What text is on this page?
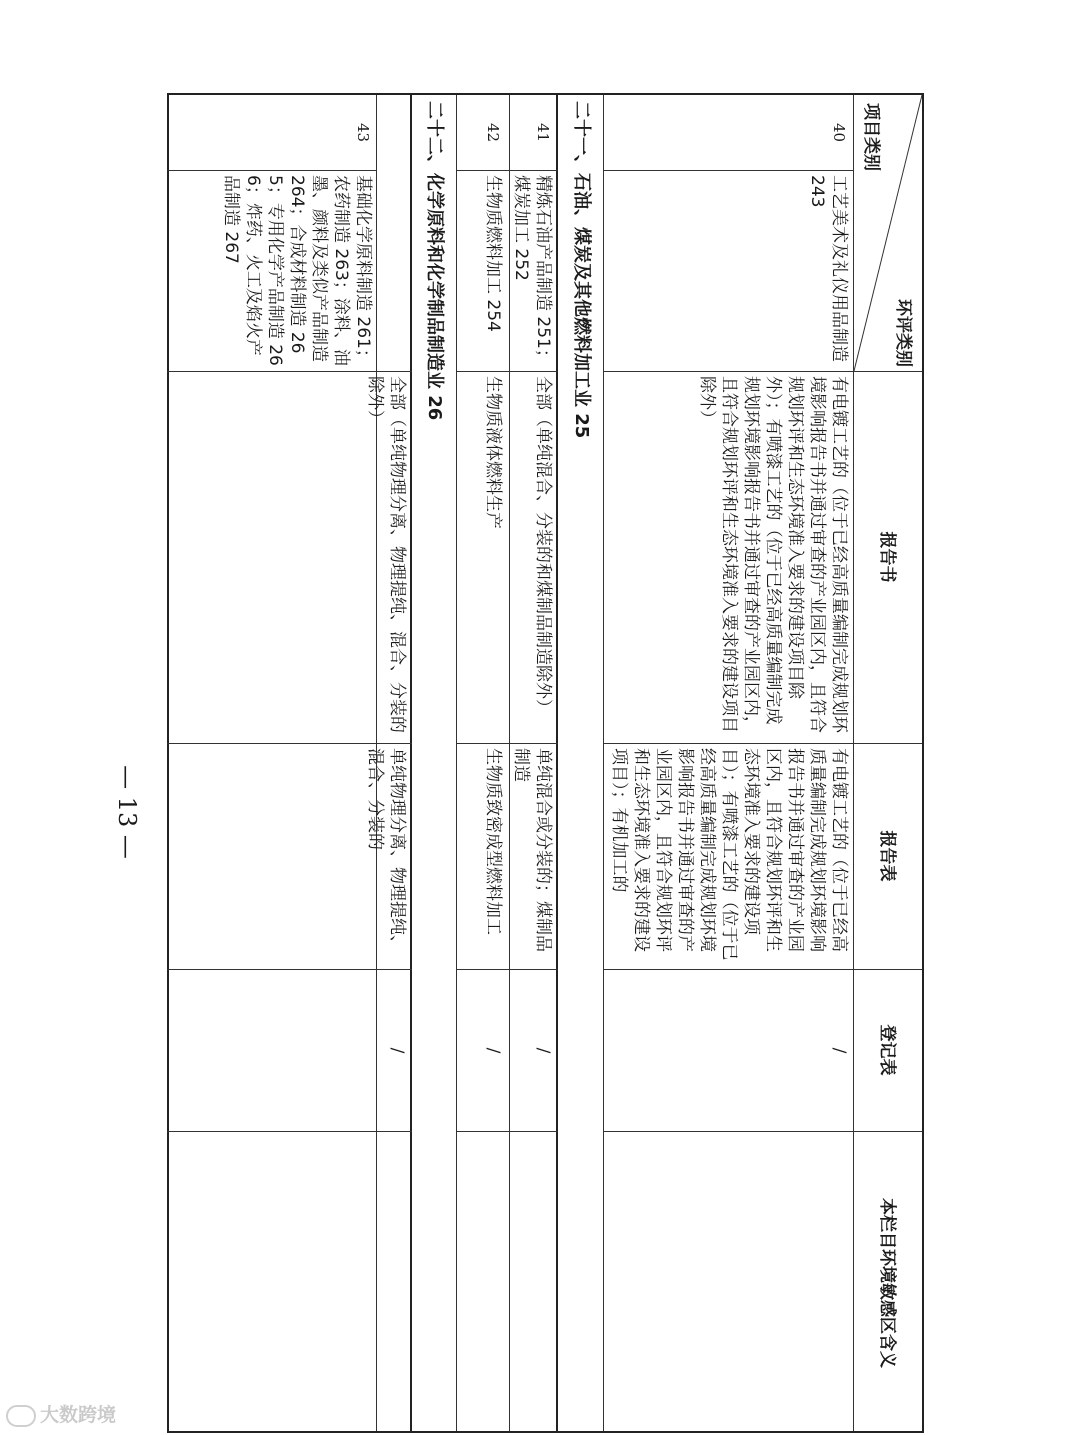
环评类别
项目类别
报告书
报告表
登记表
本栏目环境敏感区含义
40
工艺美术及礼仪用品制造 243
有电镀工艺的（位于已经高质量编制完成规划环境影响报告书并通过审查的产业园区内，且符合规划环评和生态环境准入要求的建设项目除外）；有喷漆工艺的（位于已经高质量编制完成规划环境影响报告书并通过审查的产业园区内，且符合规划环评和生态环境准入要求的建设项目除外）
有电镀工艺的（位于已经高质量编制完成规划环境影响报告书并通过审查的产业园区内，且符合规划环评和生态环境准入要求的建设项目）；有喷漆工艺的（位于已经高质量编制完成规划环境影响报告书并通过审查的产业园区内，且符合规划环评和生态环境准入要求的建设项目）；有机加工的
/
二十一、石油、煤炭及其他燃料加工业 25
41
精炼石油产品制造 251；煤炭加工 252
全部（单纯混合、分装的和煤制品制造除外）
单纯混合或分装的；煤制品制造
/
42
生物质燃料加工 254
生物质液体燃料生产
生物质致密成型燃料加工
/
二十二、化学原料和化学制品制造业 26
43
基础化学原料制造 261；农药制造 263；涂料、油墨、颜料及类似产品制造 264；合成材料制造 265；专用化学产品制造 266；炸药、火工及焰火产品制造 267
全部（单纯物理分离、物理提纯、混合、分装的除外）
单纯物理分离、物理提纯、混合、分装的
/
— 13 —
大数跨境
